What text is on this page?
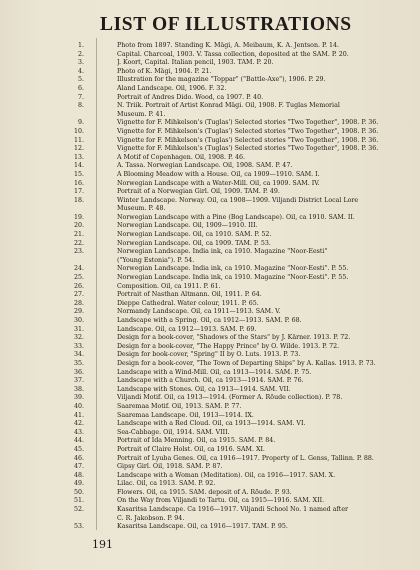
LIST OF ILLUSTRATIONS
1.	Photo from 1897. Standing K. Mägi, A. Meibaum, K. A. Jentson. P. 14.
2.	Capital. Charcoal, 1903. V. Tassa collection, deposited at the SAM. P. 20.
3.	J. Koort, Capital. Italian pencil, 1903. TAM. P. 20.
4.	Photo of K. Mägi, 1904. P. 21.
5.	Illustration for the magazine "Toppar" ("Battle-Axe"), 1906. P. 29.
6.	Åland Landscape. Oil, 1906. F. 32.
7.	Portrait of Andres Dido. Wood, ca 1907. P. 40.
8.	N. Triik. Portrait of Artist Konrad Mägi. Oil, 1908. F. Tuglas Memorial
Museum. P. 41.
9.	Vignette for F. Mihkelson's (Tuglas') Selected stories "Two Together", 1908. P. 36.
10.	Vignette for F. Mihkelson's (Tuglas') Selected stories "Two Together", 1908. P. 36.
11.	Vignette for F. Mihkelson's (Tuglas') Selected stories "Two Together", 1908. P. 36.
12.	Vignette for F. Mihkelson's (Tuglas') Selected stories "Two Together", 1908. P. 36.
13.	A Motif of Copenhagen. Oil, 1908. P. 46.
14.	A. Tassa. Norwegian Landscape. Oil, 1908. SAM. P. 47.
15.	A Blooming Meadow with a House. Oil, ca 1909—1910. SAM. I.
16.	Norwegian Landscape with a Water-Mill. Oil, ca 1909. SAM. IV.
17.	Portrait of a Norwegian Girl. Oil, 1909. TAM. P. 49.
18.	Winter Landscape. Norway. Oil, ca 1908—1909. Viljandi District Local Lore
Museum. P. 48.
19.	Norwegian Landscape with a Pine (Bog Landscape). Oil, ca 1910. SAM. II.
20.	Norwegian Landscape. Oil, 1909—1910. III.
21.	Norwegian Landscape. Oil, ca 1910. SAM. P. 52.
22.	Norwegian Landscape. Oil, ca 1909. TAM. P. 53.
23.	Norwegian Landscape. India ink, ca 1910. Magazine "Noor-Eesti"
("Young Estonia"). P. 54.
24.	Norwegian Landscape. India ink, ca 1910. Magazine "Noor-Eesti". P. 55.
25.	Norwegian Landscape. India ink, ca 1910. Magazine "Noor-Eesti". P. 55.
26.	Composition. Oil, ca 1911. P. 61.
27.	Portrait of Nasthan Altmann. Oil, 1911. P. 64.
28.	Dieppe Cathedral. Water colour, 1911. P. 65.
29.	Normandy Landscape. Oil, ca 1911—1913. SAM. V.
30.	Landscape with a Spring. Oil, ca 1912—1913. SAM. P. 68.
31.	Landscape. Oil, ca 1912—1913. SAM. P. 69.
32.	Design for a book-cover, "Shadows of the Stars" by J. Kärner. 1913. P. 72.
33.	Design for a book-cover, "The Happy Prince" by O. Wilde. 1913. P. 72.
34.	Design for book-cover, "Spring" II by O. Luts. 1913. P. 73.
35.	Design for a book-cover, "The Town of Departing Ships" by A. Kallas. 1913. P. 73.
36.	Landscape with a Wind-Mill. Oil, ca 1913—1914. SAM. P. 75.
37.	Landscape with a Church. Oil, ca 1913—1914. SAM. P. 76.
38.	Landscape with Stones. Oil, ca 1913—1914. SAM. VII.
39.	Viljandi Motif. Oil, ca 1913—1914. (Former A. Rõude collection). P. 78.
40.	Saaremaa Motif. Oil, 1913. SAM. P. 77.
41.	Saaremaa Landscape. Oil, 1913—1914. IX.
42.	Landscape with a Red Cloud. Oil, ca 1913—1914. SAM. VI.
43.	Sea-Cabbage. Oil, 1914. SAM. VIII.
44.	Portrait of Ida Menning. Oil, ca 1915. SAM. P. 84.
45.	Portrait of Claire Holst. Oil, ca 1916. SAM. XI.
46.	Portrait of Lyuba Genes. Oil, ca 1916—1917. Property of L. Genss, Tallinn. P. 88.
47.	Gipsy Girl. Oil, 1918. SAM. P. 87.
48.	Landscape with a Woman (Meditation). Oil, ca 1916—1917. SAM. X.
49.	Lilac. Oil, ca 1913. SAM. P. 92.
50.	Flowers. Oil, ca 1915. SAM. deposit of A. Rõude. P. 93.
51.	On the Way from Viljandi to Tartu. Oil, ca 1915—1916. SAM. XII.
52.	Kasaritsa Landscape. Ca 1916—1917. Viljandi School No. 1 named after
C. R. Jakobson. P. 94.
53.	Kasaritsa Landscape. Oil, ca 1916—1917. TAM. P. 95.
191
